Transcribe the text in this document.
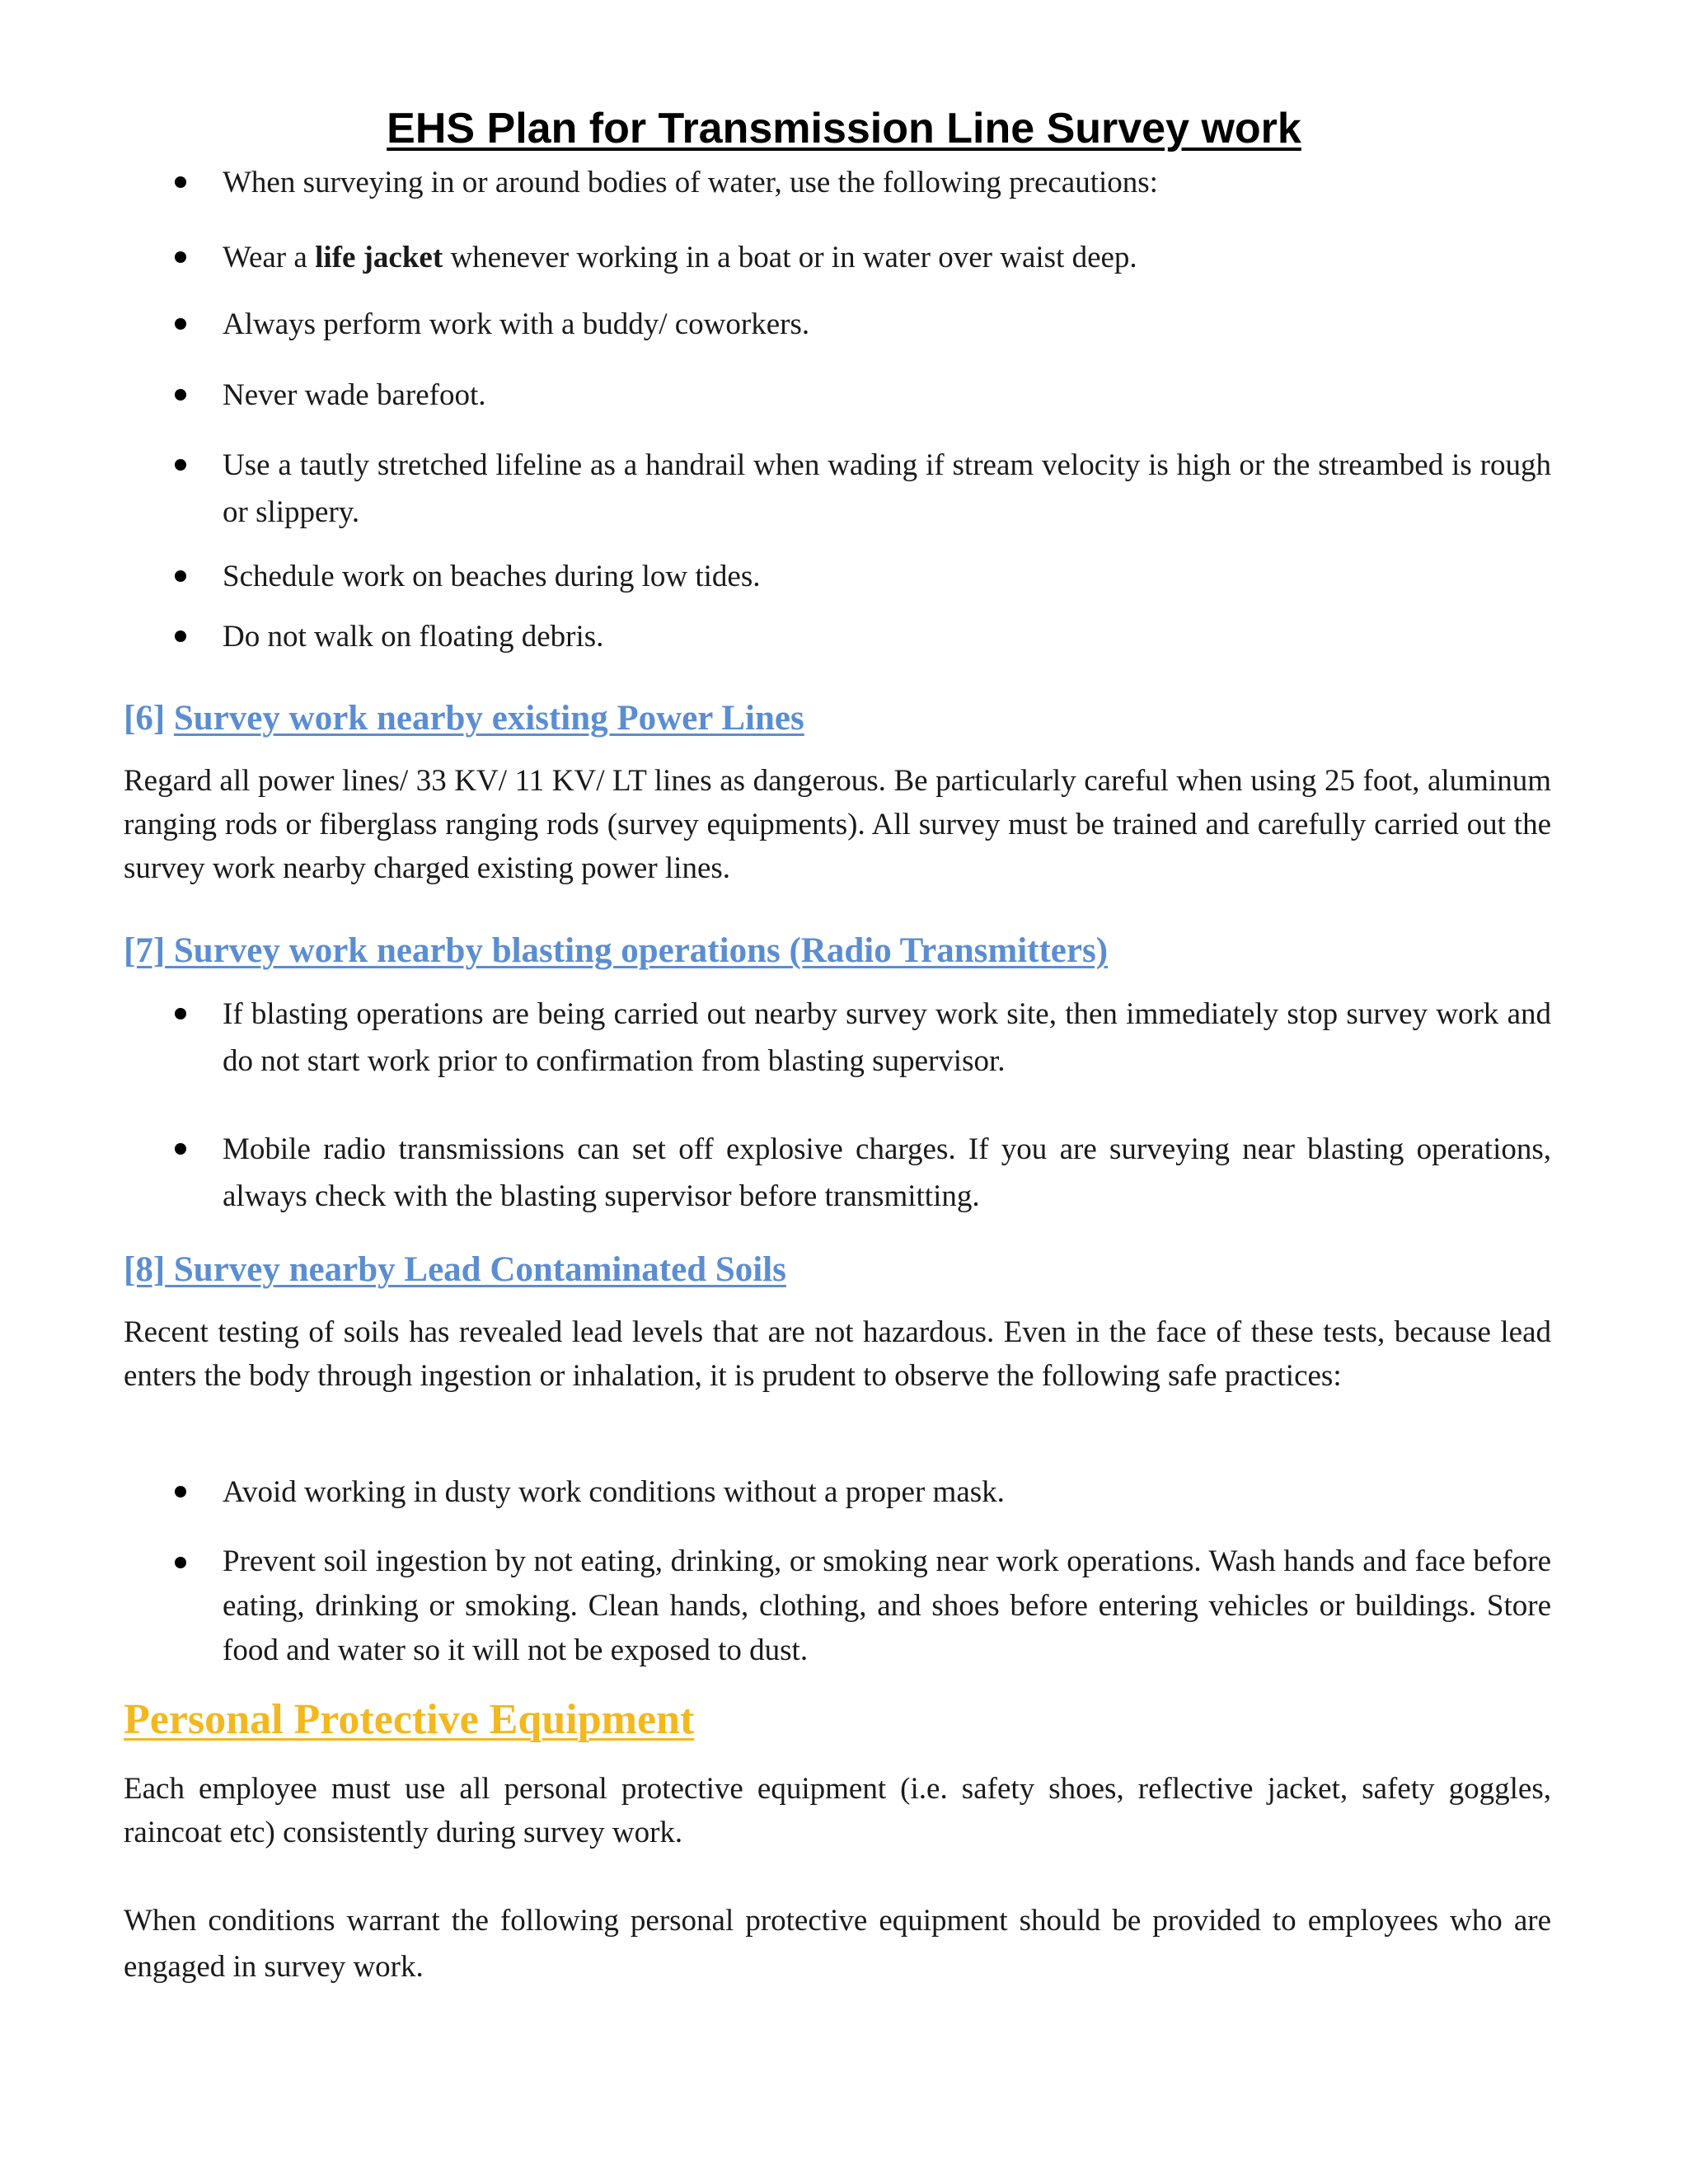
EHS Plan for Transmission Line Survey work
When surveying in or around bodies of water, use the following precautions:
Wear a life jacket whenever working in a boat or in water over waist deep.
Always perform work with a buddy/ coworkers.
Never wade barefoot.
Use a tautly stretched lifeline as a handrail when wading if stream velocity is high or the streambed is rough or slippery.
Schedule work on beaches during low tides.
Do not walk on floating debris.
[6] Survey work nearby existing Power Lines
Regard all power lines/ 33 KV/ 11 KV/ LT lines as dangerous. Be particularly careful when using 25 foot, aluminum ranging rods or fiberglass ranging rods (survey equipments). All survey must be trained and carefully carried out the survey work nearby charged existing power lines.
[7] Survey work nearby blasting operations (Radio Transmitters)
If blasting operations are being carried out nearby survey work site, then immediately stop survey work and do not start work prior to confirmation from blasting supervisor.
Mobile radio transmissions can set off explosive charges. If you are surveying near blasting operations, always check with the blasting supervisor before transmitting.
[8] Survey nearby Lead Contaminated Soils
Recent testing of soils has revealed lead levels that are not hazardous. Even in the face of these tests, because lead enters the body through ingestion or inhalation, it is prudent to observe the following safe practices:
Avoid working in dusty work conditions without a proper mask.
Prevent soil ingestion by not eating, drinking, or smoking near work operations. Wash hands and face before eating, drinking or smoking. Clean hands, clothing, and shoes before entering vehicles or buildings. Store food and water so it will not be exposed to dust.
Personal Protective Equipment
Each employee must use all personal protective equipment (i.e. safety shoes, reflective jacket, safety goggles, raincoat etc) consistently during survey work.
When conditions warrant the following personal protective equipment should be provided to employees who are engaged in survey work.
